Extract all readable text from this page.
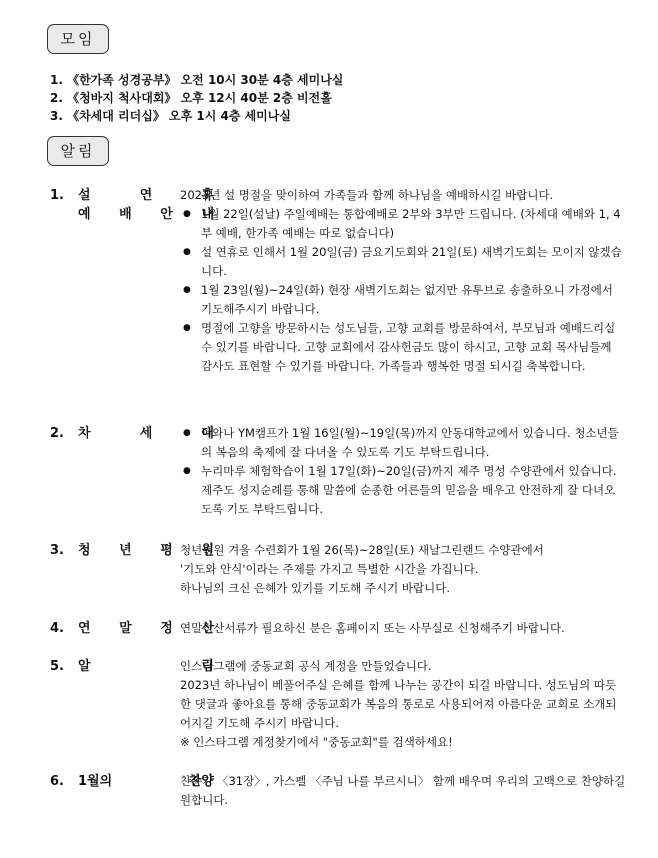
모임
1. 《한가족 성경공부》 오전 10시 30분 4층 세미나실
2. 《청바지 척사대회》 오후 12시 40분 2층 비전홀
3. 《차세대 리더십》 오후 1시 4층 세미나실
알림
1. 설 연 휴
예 배 안 내

2023년 설 명절을 맞이하여 가족들과 함께 하나님을 예배하시길 바랍니다.

● 1월 22일(설날) 주일예배는 통합예배로 2부와 3부만 드립니다. (차세대 예배와 1, 4부 예배, 한가족 예배는 따로 없습니다)
● 설 연휴로 인해서 1월 20일(금) 금요기도회와 21일(토) 새벽기도회는 모이지 않겠습니다.
● 1월 23일(월)~24일(화) 현장 새벽기도회는 없지만 유투브로 송출하오니 가정에서 기도해주시기 바랍니다.
● 명절에 고향을 방문하시는 성도님들, 고향 교회를 방문하여서, 부모님과 예배드리실 수 있기를 바랍니다. 고향 교회에서 감사헌금도 많이 하시고, 고향 교회 목사님들께 감사도 표현할 수 있기를 바랍니다. 가족들과 행복한 명절 되시길 축복합니다.
2. 차 세 대
● 어와나 YM캠프가 1월 16일(월)~19일(목)까지 안동대학교에서 있습니다. 청소년들의 복음의 축제에 잘 다녀올 수 있도록 기도 부탁드립니다.
● 누리마루 체험학습이 1월 17일(화)~20일(금)까지 제주 명성 수양관에서 있습니다. 제주도 성지순례를 통해 말씀에 순종한 어른들의 믿음을 배우고 안전하게 잘 다녀오도록 기도 부탁드립니다.
3. 청 년 평 원

청년평원 겨울 수련회가 1월 26(목)~28일(토) 새날그린랜드 수양관에서

'기도와 안식'이라는 주제를 가지고 특별한 시간을 가집니다.

하나님의 크신 은혜가 있기를 기도해 주시기 바랍니다.

4. 연 말 정 산

연말정산서류가 필요하신 분은 홈페이지 또는 사무실로 신청해주기 바랍니다.

5. 알 림

인스타그램에 중동교회 공식 계정을 만들었습니다.

2023년 하나님이 베풀어주실 은혜를 함께 나누는 공간이 되길 바랍니다. 성도님의 따듯한 댓글과 좋아요를 통해 중동교회가 복음의 통로로 사용되어져 아름다운 교회로 소개되어지길 기도해 주시기 바랍니다.

※ 인스타그램 계정찾기에서 "중동교회"를 검색하세요!

6. 1월의 찬양

찬송가 〈31장〉, 가스펠 〈주님 나를 부르시니〉 함께 배우며 우리의 고백으로 찬양하길 원합니다.
